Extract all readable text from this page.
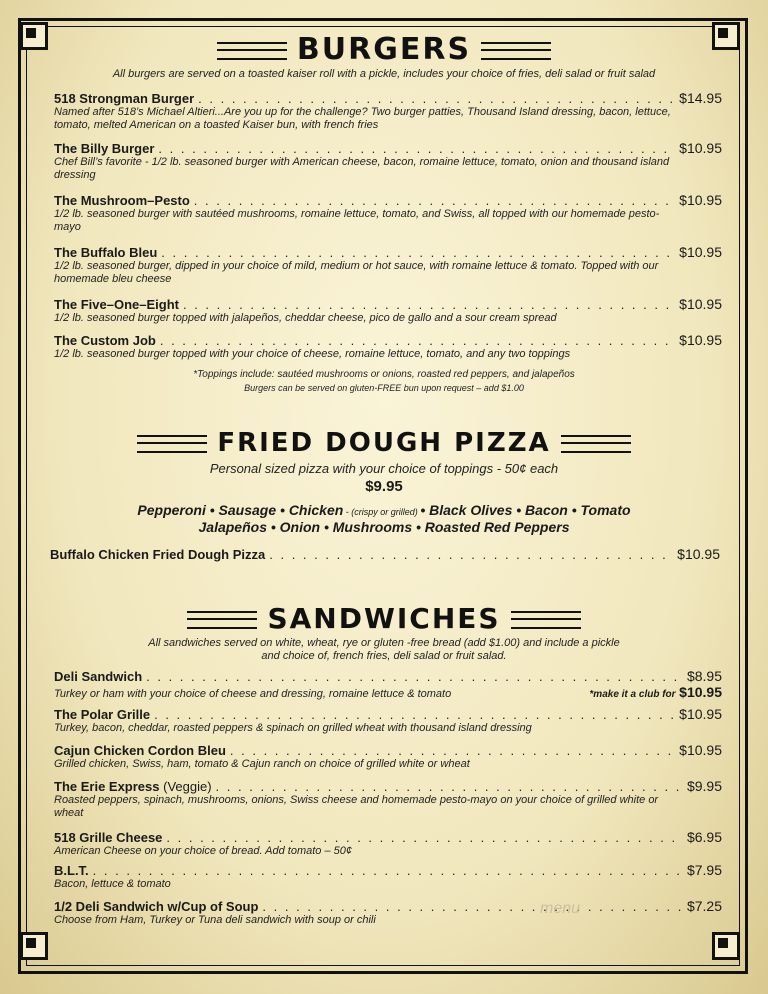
BURGERS
All burgers are served on a toasted kaiser roll with a pickle, includes your choice of fries, deli salad or fruit salad
518 Strongman Burger . . .	$14.95
Named after 518’s Michael Altieri...Are you up for the challenge? Two burger patties, Thousand Island dressing, bacon, lettuce, tomato, melted American on a toasted Kaiser bun, with french fries
The Billy Burger . . .	$10.95
Chef Bill’s favorite - 1/2 lb. seasoned burger with American cheese, bacon, romaine lettuce, tomato, onion and thousand island dressing
The Mushroom–Pesto . . .	$10.95
1/2 lb. seasoned burger with sautéed mushrooms, romaine lettuce, tomato, and Swiss, all topped with our homemade pesto-mayo
The Buffalo Bleu . . .	$10.95
1/2 lb. seasoned burger, dipped in your choice of mild, medium or hot sauce, with romaine lettuce & tomato. Topped with our homemade bleu cheese
The Five–One–Eight . . .	$10.95
1/2 lb. seasoned burger topped with jalapeños, cheddar cheese, pico de gallo and a sour cream spread
The Custom Job . . .	$10.95
1/2 lb. seasoned burger topped with your choice of cheese, romaine lettuce, tomato, and any two toppings
*Toppings include: sautéed mushrooms or onions, roasted red peppers, and jalapeños
Burgers can be served on gluten-FREE bun upon request – add $1.00
FRIED DOUGH PIZZA
Personal sized pizza with your choice of toppings - 50¢ each
$9.95
Pepperoni • Sausage • Chicken - (crispy or grilled) • Black Olives • Bacon • Tomato
Jalapeños • Onion • Mushrooms • Roasted Red Peppers
Buffalo Chicken Fried Dough Pizza . . .	$10.95
SANDWICHES
All sandwiches served on white, wheat, rye or gluten -free bread (add $1.00) and include a pickle
and choice of, french fries, deli salad or fruit salad.
Deli Sandwich . . .	$8.95
Turkey or ham with your choice of cheese and dressing, romaine lettuce & tomato	*make it a club for
$10.95
The Polar Grille . . .	$10.95
Turkey, bacon, cheddar, roasted peppers & spinach on grilled wheat with thousand island dressing
Cajun Chicken Cordon Bleu . . .	$10.95
Grilled chicken, Swiss, ham, tomato & Cajun ranch on choice of grilled white or wheat
The Erie Express (Veggie) . . .	$9.95
Roasted peppers, spinach, mushrooms, onions, Swiss cheese and homemade pesto-mayo on your choice of grilled white or wheat
518 Grille Cheese . . .	$6.95
American Cheese on your choice of bread. Add tomato – 50¢
B.L.T. . . .	$7.95
Bacon, lettuce & tomato
1/2 Deli Sandwich w/Cup of Soup . . .	$7.25
Choose from Ham, Turkey or Tuna deli sandwich with soup or chili
menu
